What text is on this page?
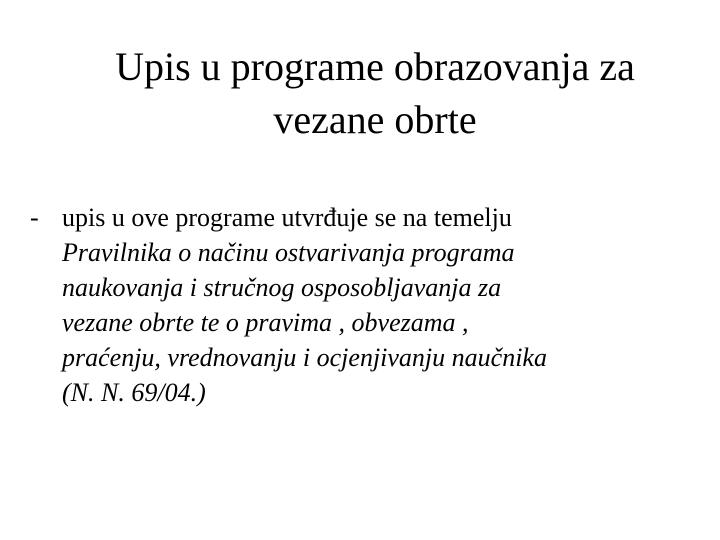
Upis u programe obrazovanja za
vezane obrte
- upis u ove programe utvrđuje se na temelju
Pravilnika o načinu ostvarivanja programa
naukovanja i stručnog osposobljavanja za
vezane obrte te o pravima , obvezama ,
praćenju, vrednovanju i ocjenjivanju naučnika
(N. N. 69/04.)
